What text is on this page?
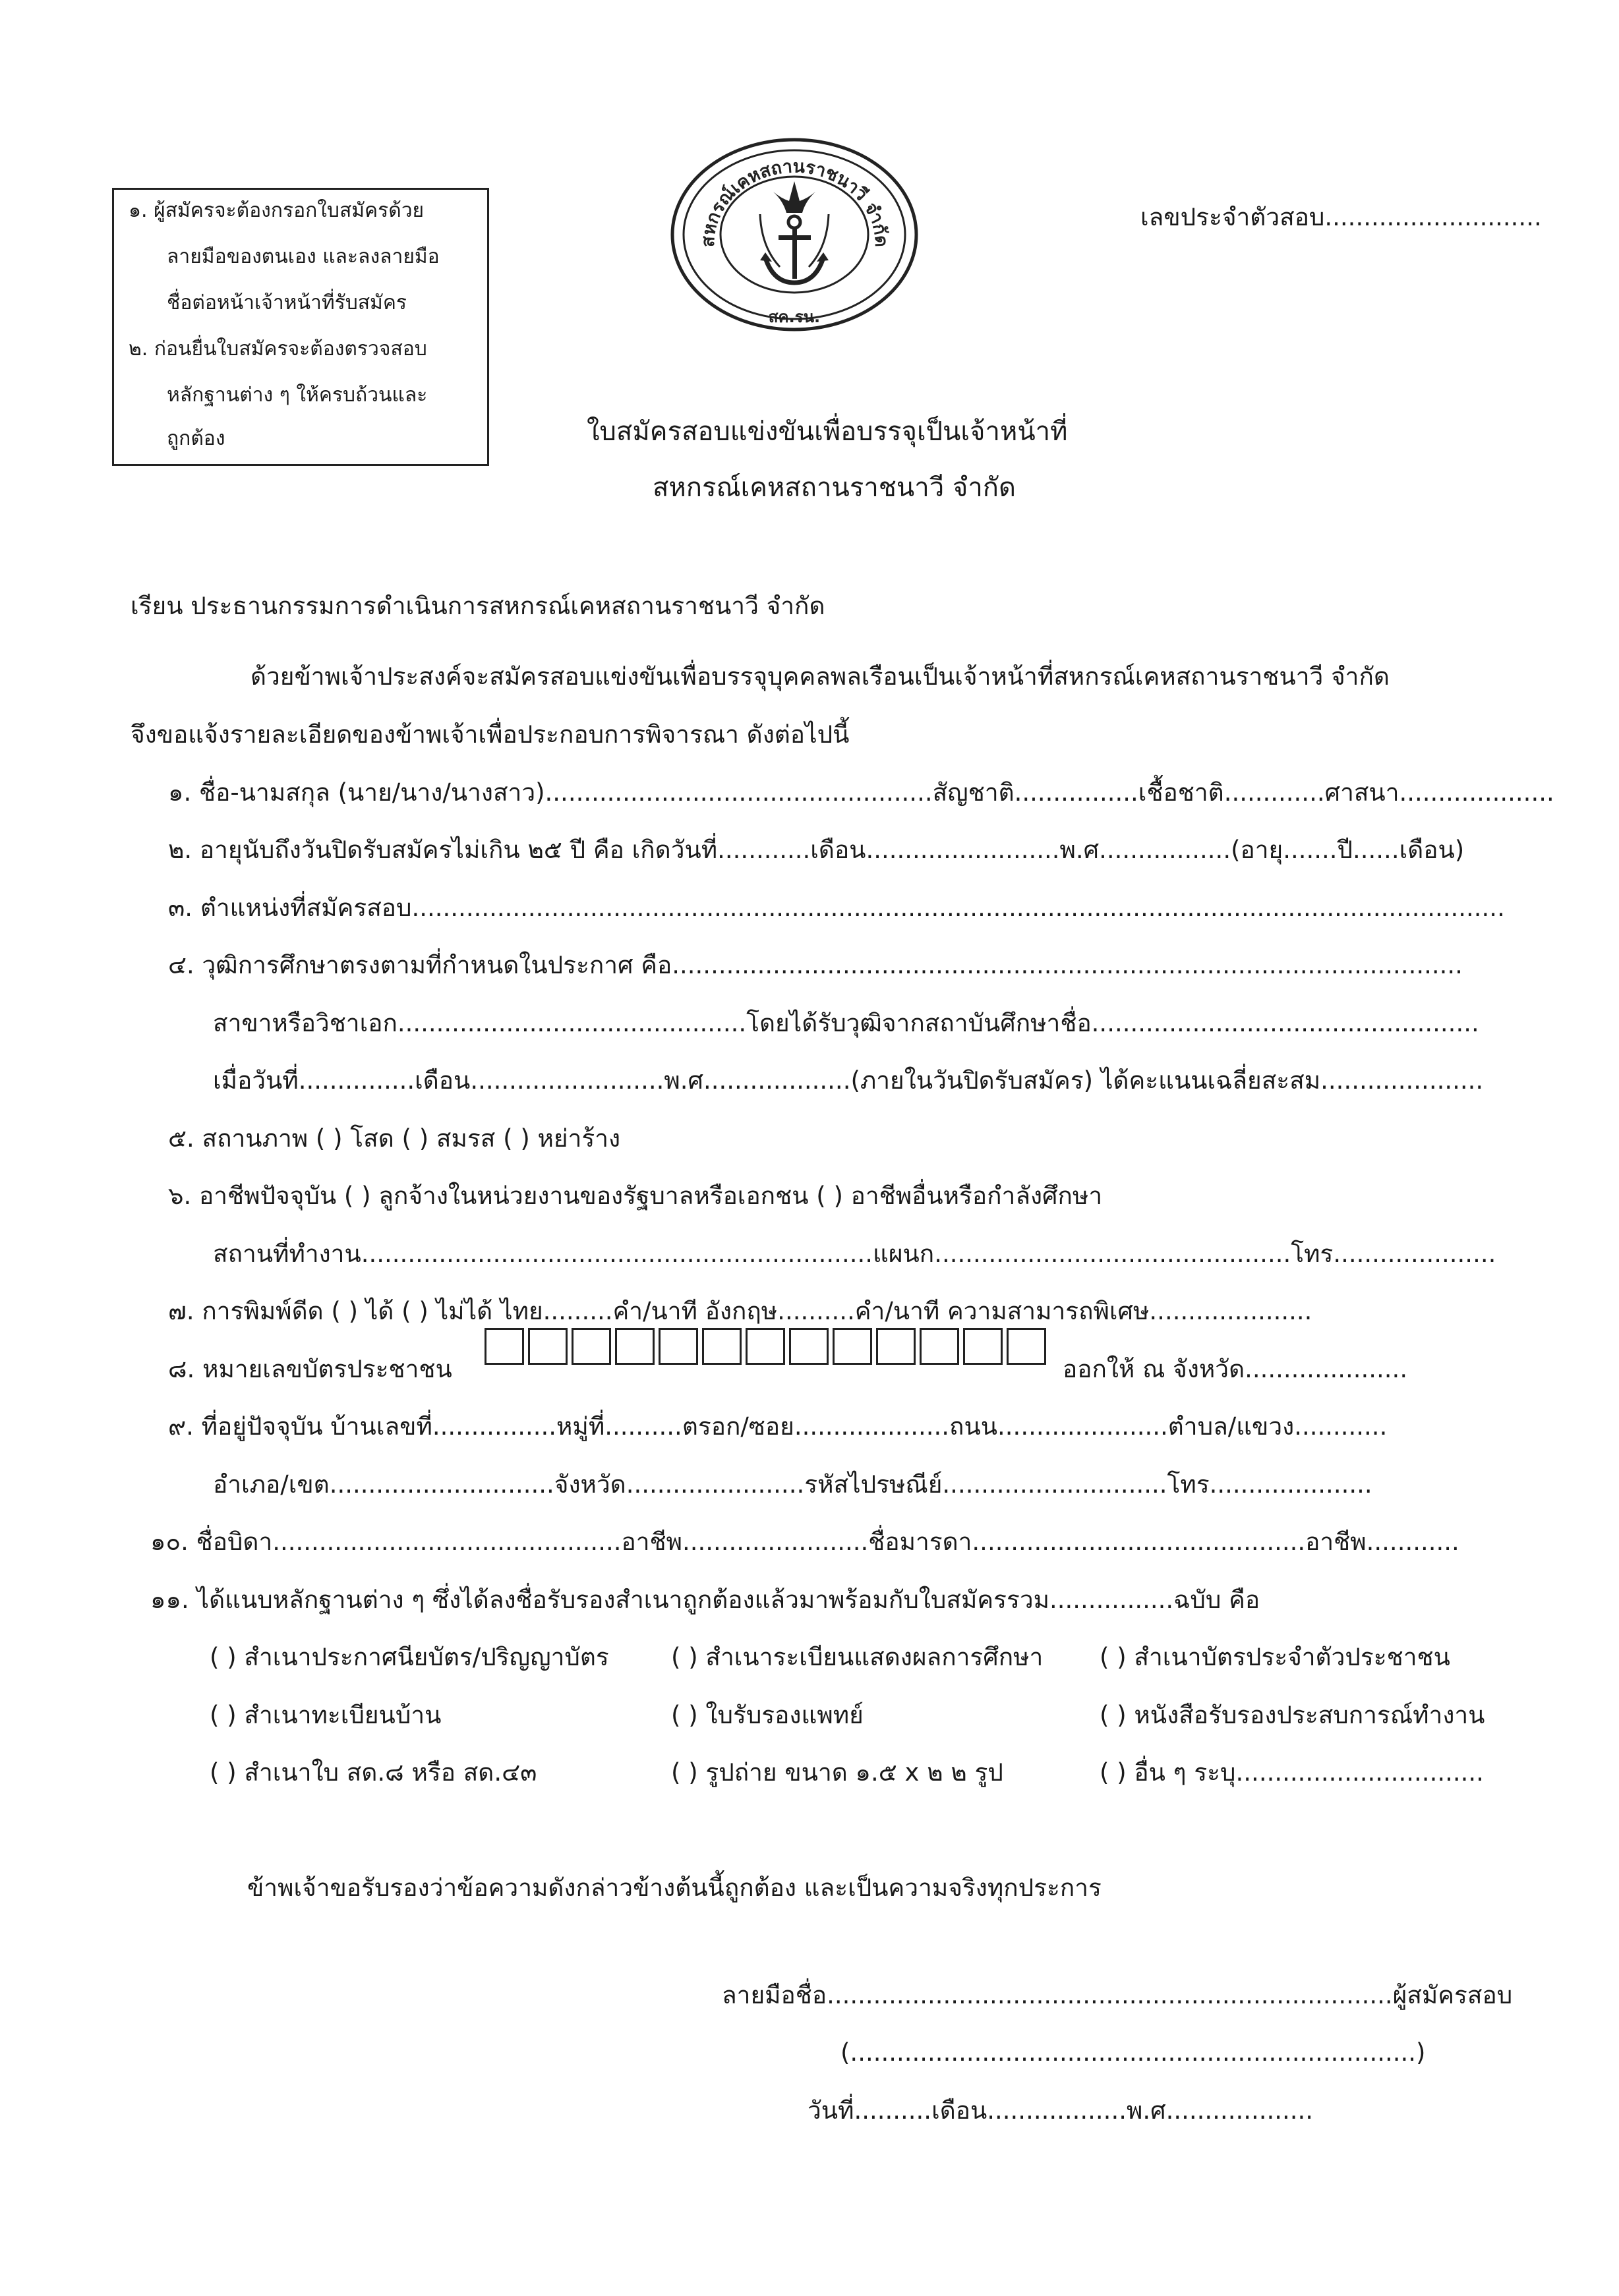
๑. ผู้สมัครจะต้องกรอกใบสมัครด้วย
ลายมือของตนเอง และลงลายมือ
ชื่อต่อหน้าเจ้าหน้าที่รับสมัคร
๒. ก่อนยื่นใบสมัครจะต้องตรวจสอบ
หลักฐานต่าง ๆ ให้ครบถ้วนและ
ถูกต้อง
สหกรณ์เคหสถานราชนาวี จำกัด
สค.รน.
เลขประจำตัวสอบ............................
ใบสมัครสอบแข่งขันเพื่อบรรจุเป็นเจ้าหน้าที่
สหกรณ์เคหสถานราชนาวี จำกัด
เรียน ประธานกรรมการดำเนินการสหกรณ์เคหสถานราชนาวี จำกัด
ด้วยข้าพเจ้าประสงค์จะสมัครสอบแข่งขันเพื่อบรรจุบุคคลพลเรือนเป็นเจ้าหน้าที่สหกรณ์เคหสถานราชนาวี จำกัด
จึงขอแจ้งรายละเอียดของข้าพเจ้าเพื่อประกอบการพิจารณา ดังต่อไปนี้
๑. ชื่อ-นามสกุล (นาย/นาง/นางสาว)..................................................สัญชาติ................เชื้อชาติ.............ศาสนา....................
๒. อายุนับถึงวันปิดรับสมัครไม่เกิน ๒๕ ปี คือ เกิดวันที่............เดือน.........................พ.ศ.................(อายุ.......ปี......เดือน)
๓. ตำแหน่งที่สมัครสอบ.............................................................................................................................................
๔. วุฒิการศึกษาตรงตามที่กำหนดในประกาศ คือ......................................................................................................
สาขาหรือวิชาเอก.............................................โดยได้รับวุฒิจากสถาบันศึกษาชื่อ..................................................
เมื่อวันที่...............เดือน.........................พ.ศ...................(ภายในวันปิดรับสมัคร) ได้คะแนนเฉลี่ยสะสม.....................
๕. สถานภาพ ( ) โสด ( ) สมรส ( ) หย่าร้าง
๖. อาชีพปัจจุบัน ( ) ลูกจ้างในหน่วยงานของรัฐบาลหรือเอกชน ( ) อาชีพอื่นหรือกำลังศึกษา
สถานที่ทำงาน..................................................................แผนก..............................................โทร.....................
๗. การพิมพ์ดีด ( ) ได้ ( ) ไม่ได้ ไทย.........คำ/นาที อังกฤษ..........คำ/นาที ความสามารถพิเศษ.....................
๘. หมายเลขบัตรประชาชน	ออกให้ ณ จังหวัด.....................
๙. ที่อยู่ปัจจุบัน บ้านเลขที่................หมู่ที่..........ตรอก/ซอย....................ถนน......................ตำบล/แขวง............
อำเภอ/เขต.............................จังหวัด.......................รหัสไปรษณีย์.............................โทร.....................
๑๐. ชื่อบิดา.............................................อาชีพ........................ชื่อมารดา...........................................อาชีพ............
๑๑. ได้แนบหลักฐานต่าง ๆ ซึ่งได้ลงชื่อรับรองสำเนาถูกต้องแล้วมาพร้อมกับใบสมัครรวม................ฉบับ คือ
( ) สำเนาประกาศนียบัตร/ปริญญาบัตร	( ) สำเนาระเบียนแสดงผลการศึกษา ( ) สำเนาบัตรประจำตัวประชาชน
( ) สำเนาทะเบียนบ้าน	( ) ใบรับรองแพทย์	( ) หนังสือรับรองประสบการณ์ทำงาน
( ) สำเนาใบ สด.๘ หรือ สด.๔๓	( ) รูปถ่าย ขนาด ๑.๕ x ๒ ๒ รูป	( ) อื่น ๆ ระบุ................................
ข้าพเจ้าขอรับรองว่าข้อความดังกล่าวข้างต้นนี้ถูกต้อง และเป็นความจริงทุกประการ
ลายมือชื่อ.........................................................................ผู้สมัครสอบ
(.........................................................................)
วันที่..........เดือน..................พ.ศ...................
